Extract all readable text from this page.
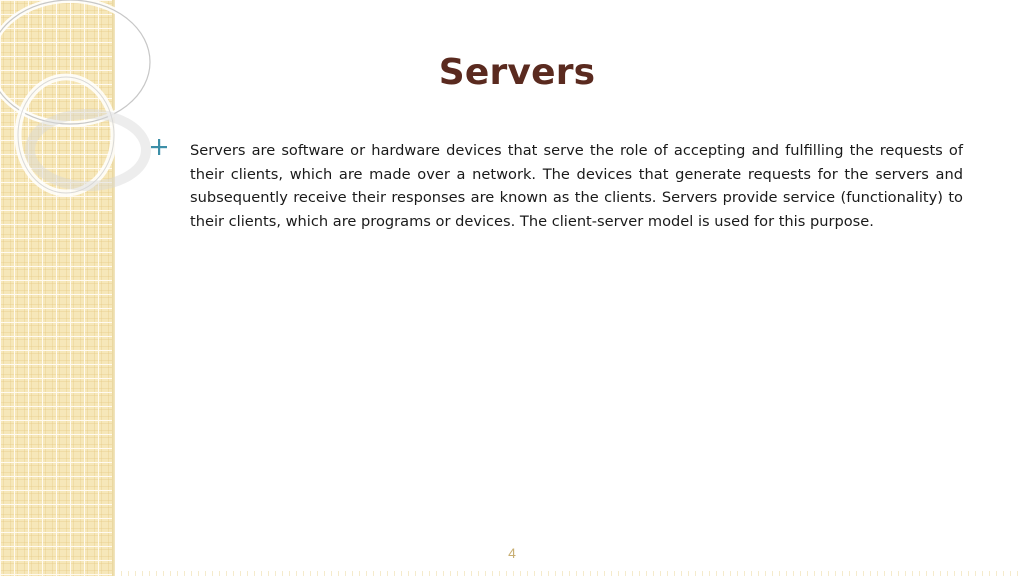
Servers

Servers are software or hardware devices that serve the role of accepting and fulfilling the requests of their clients, which are made over a network. The devices that generate requests for the servers and subsequently receive their responses are known as the clients. Servers provide service (functionality) to their clients, which are programs or devices. The client-server model is used for this purpose.

4
